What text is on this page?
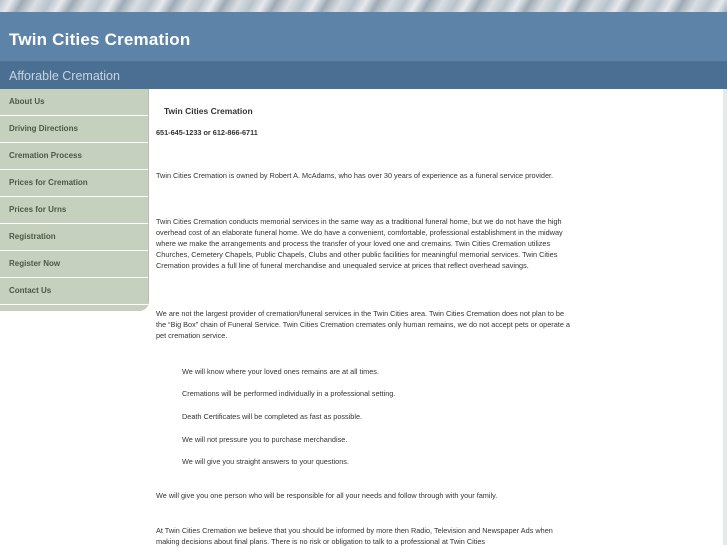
Twin Cities Cremation
Afforable Cremation
About Us
Driving Directions
Cremation Process
Prices for Cremation
Prices for Urns
Registration
Register Now
Contact Us
Twin Cities Cremation
651-645-1233 or 612-866-6711

Twin Cities Cremation is owned by Robert A. McAdams, who has over 30 years of experience as a funeral service provider.

Twin Cities Cremation conducts memorial services in the same way as a traditional funeral home, but we do not have the high overhead cost of an elaborate funeral home. We do have a convenient, comfortable, professional establishment in the midway where we make the arrangements and process the transfer of your loved one and cremains. Twin Cities Cremation utilizes Churches, Cemetery Chapels, Public Chapels, Clubs and other public facilities for meaningful memorial services. Twin Cities Cremation provides a full line of funeral merchandise and unequaled service at prices that reflect overhead savings.

We are not the largest provider of cremation/funeral services in the Twin Cities area. Twin Cities Cremation does not plan to be the “Big Box” chain of Funeral Service. Twin Cities Cremation cremates only human remains, we do not accept pets or operate a pet cremation service.

We will know where your loved ones remains are at all times.
Cremations will be performed individually in a professional setting.
Death Certificates will be completed as fast as possible.
We will not pressure you to purchase merchandise.
We will give you straight answers to your questions.

We will give you one person who will be responsible for all your needs and follow through with your family.

At Twin Cities Cremation we believe that you should be informed by more then Radio, Television and Newspaper Ads when making decisions about final plans. There is no risk or obligation to talk to a professional at Twin Cities
